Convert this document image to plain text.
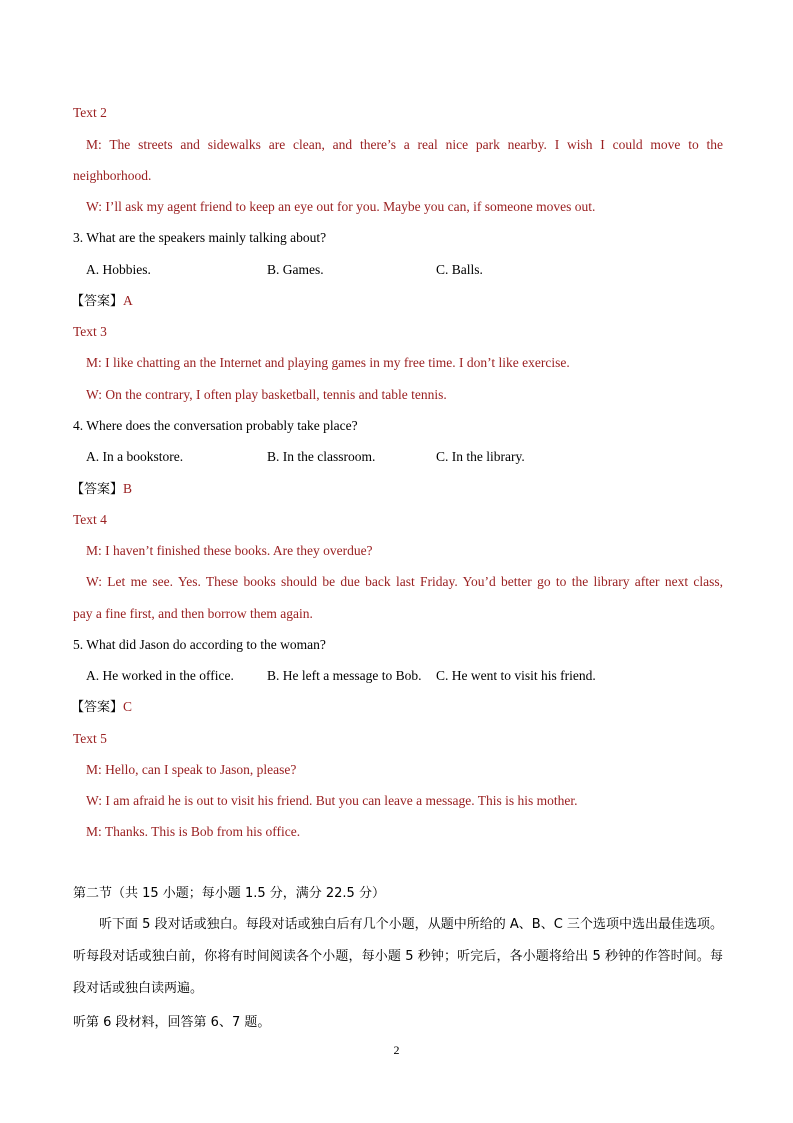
Text 2
M: The streets and sidewalks are clean, and there’s a real nice park nearby. I wish I could move to the
neighborhood.
W: I’ll ask my agent friend to keep an eye out for you. Maybe you can, if someone moves out.
3. What are the speakers mainly talking about?
A. Hobbies.	B. Games.	C. Balls.
【答案】A
Text 3
M: I like chatting an the Internet and playing games in my free time. I don’t like exercise.
W: On the contrary, I often play basketball, tennis and table tennis.
4. Where does the conversation probably take place?
A. In a bookstore.	B. In the classroom.	C. In the library.
【答案】B
Text 4
M: I haven’t finished these books. Are they overdue?
W: Let me see. Yes. These books should be due back last Friday. You’d better go to the library after next class,
pay a fine first, and then borrow them again.
5. What did Jason do according to the woman?
A. He worked in the office. B. He left a message to Bob. C. He went to visit his friend.
【答案】C
Text 5
M: Hello, can I speak to Jason, please?
W: I am afraid he is out to visit his friend. But you can leave a message. This is his mother.
M: Thanks. This is Bob from his office.
第二节（共 15 小题；每小题 1.5 分，满分 22.5 分）
听下面 5 段对话或独白。每段对话或独白后有几个小题，从题中所给的 A、B、C 三个选项中选出最佳选项。听每段对话或独白前，你将有时间阅读各个小题，每小题 5 秒钟；听完后，各小题将给出 5 秒钟的作答时间。每段对话或独白读两遍。
听第 6 段材料，回答第 6、7 题。
2
